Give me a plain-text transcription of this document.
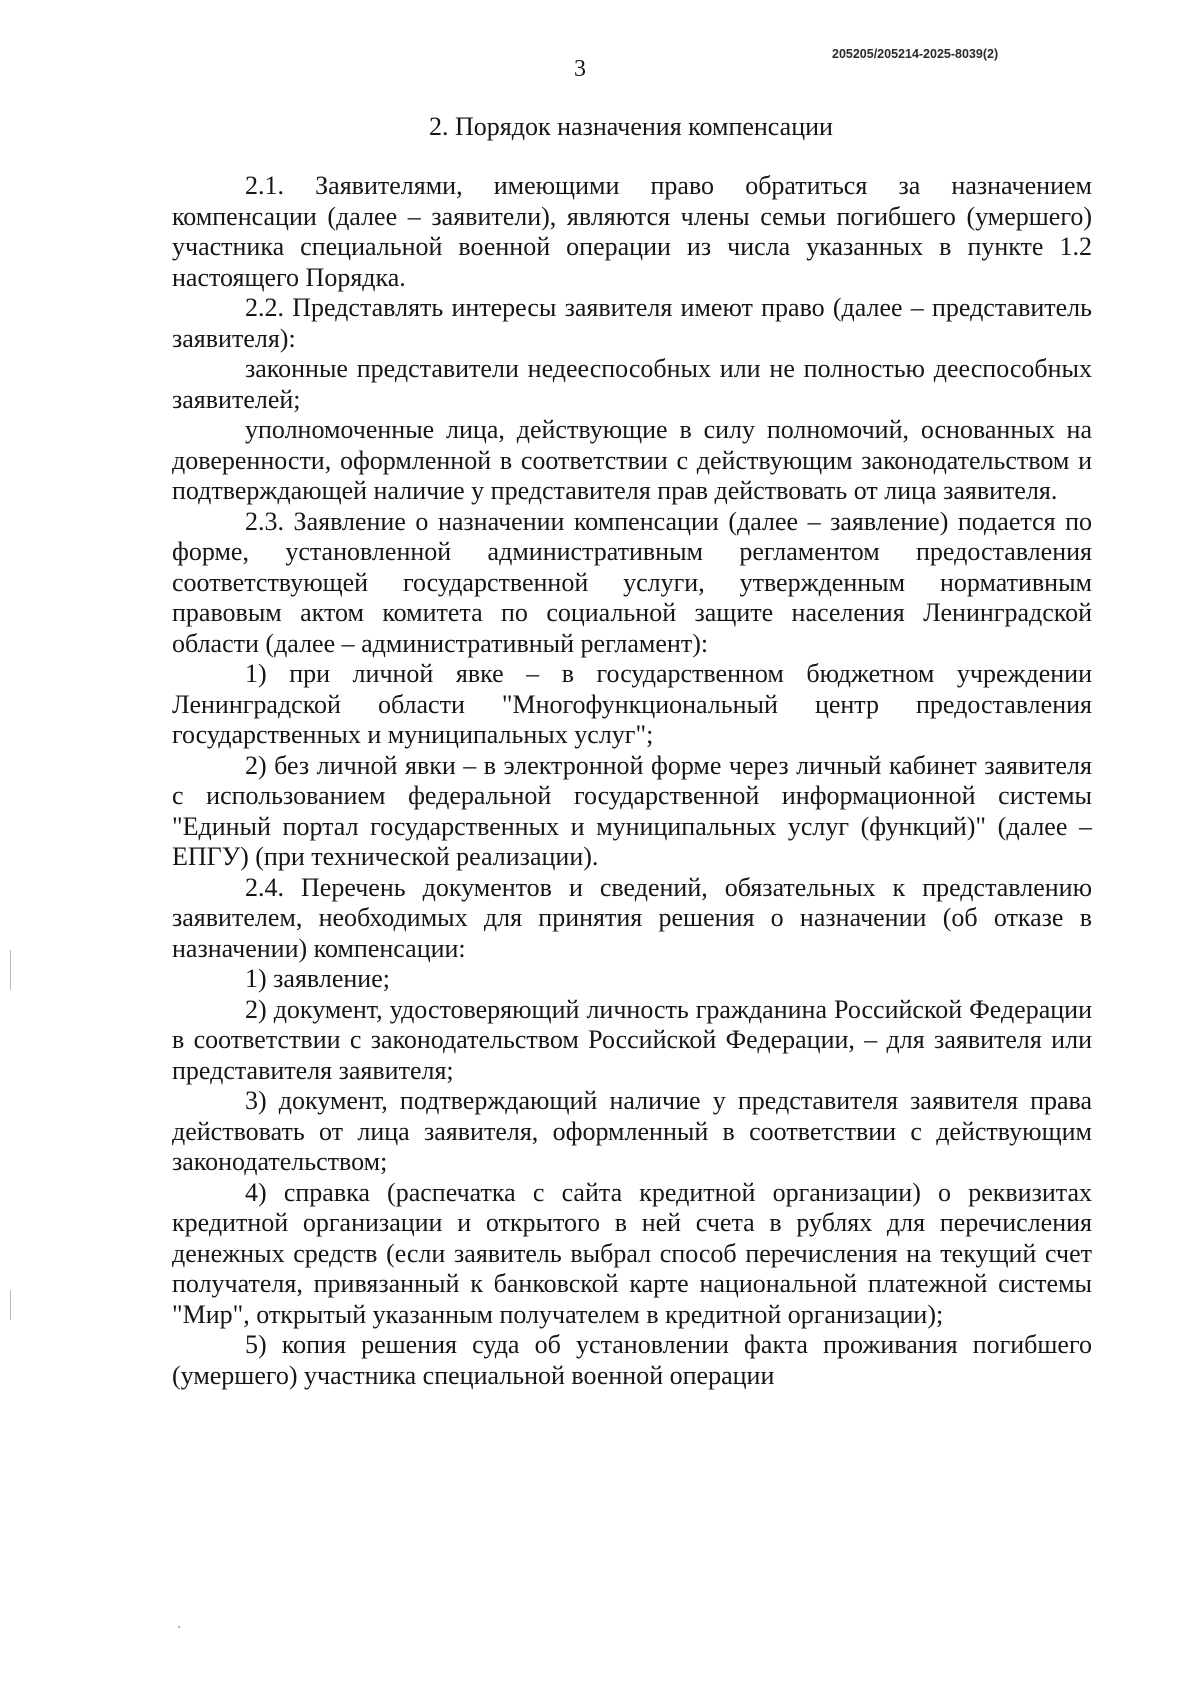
205205/205214-2025-8039(2)
3
2. Порядок назначения компенсации

2.1. Заявителями, имеющими право обратиться за назначением компенсации (далее – заявители), являются члены семьи погибшего (умершего) участника специальной военной операции из числа указанных в пункте 1.2 настоящего Порядка.

2.2. Представлять интересы заявителя имеют право (далее – представитель заявителя):

законные представители недееспособных или не полностью дееспособных заявителей;

уполномоченные лица, действующие в силу полномочий, основанных на доверенности, оформленной в соответствии с действующим законодательством и подтверждающей наличие у представителя прав действовать от лица заявителя.

2.3. Заявление о назначении компенсации (далее – заявление) подается по форме, установленной административным регламентом предоставления соответствующей государственной услуги, утвержденным нормативным правовым актом комитета по социальной защите населения Ленинградской области (далее – административный регламент):

1) при личной явке – в государственном бюджетном учреждении Ленинградской области "Многофункциональный центр предоставления государственных и муниципальных услуг";

2) без личной явки – в электронной форме через личный кабинет заявителя с использованием федеральной государственной информационной системы "Единый портал государственных и муниципальных услуг (функций)" (далее – ЕПГУ) (при технической реализации).

2.4. Перечень документов и сведений, обязательных к представлению заявителем, необходимых для принятия решения о назначении (об отказе в назначении) компенсации:

1) заявление;

2) документ, удостоверяющий личность гражданина Российской Федерации в соответствии с законодательством Российской Федерации, – для заявителя или представителя заявителя;

3) документ, подтверждающий наличие у представителя заявителя права действовать от лица заявителя, оформленный в соответствии с действующим законодательством;

4) справка (распечатка с сайта кредитной организации) о реквизитах кредитной организации и открытого в ней счета в рублях для перечисления денежных средств (если заявитель выбрал способ перечисления на текущий счет получателя, привязанный к банковской карте национальной платежной системы "Мир", открытый указанным получателем в кредитной организации);

5) копия решения суда об установлении факта проживания погибшего (умершего) участника специальной военной операции
